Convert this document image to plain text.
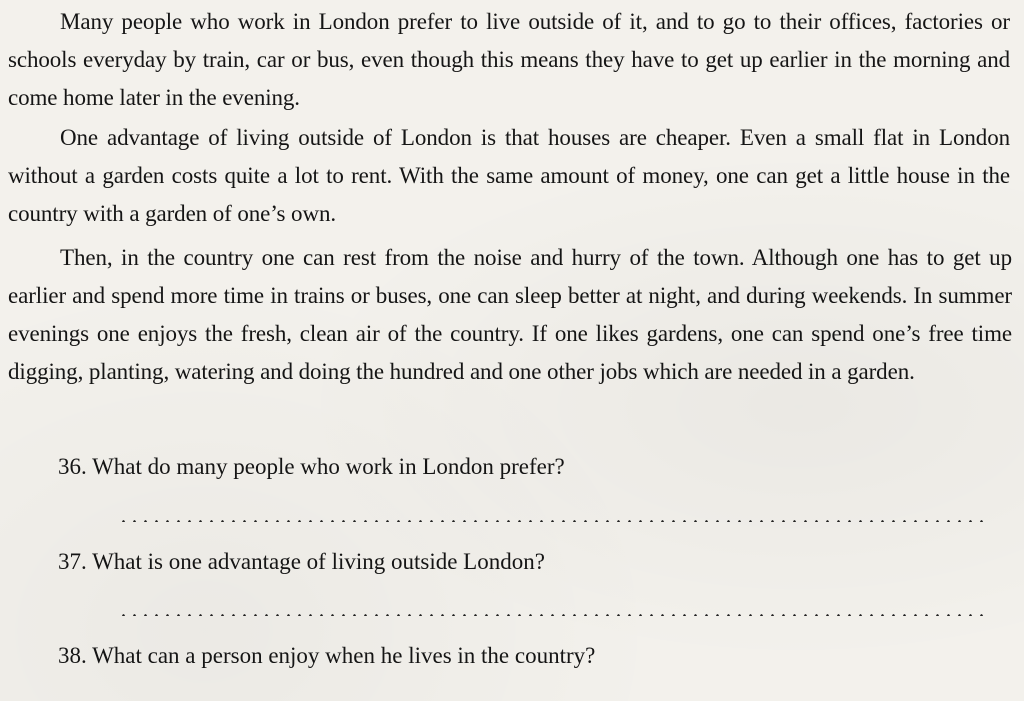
Many people who work in London prefer to live outside of it, and to go to their offices, factories or schools everyday by train, car or bus, even though this means they have to get up earlier in the morning and come home later in the evening.

One advantage of living outside of London is that houses are cheaper. Even a small flat in London without a garden costs quite a lot to rent. With the same amount of money, one can get a little house in the country with a garden of one’s own.

Then, in the country one can rest from the noise and hurry of the town. Although one has to get up earlier and spend more time in trains or buses, one can sleep better at night, and during weekends. In summer evenings one enjoys the fresh, clean air of the country. If one likes gardens, one can spend one’s free time digging, planting, watering and doing the hundred and one other jobs which are needed in a garden.

36. What do many people who work in London prefer?

37. What is one advantage of living outside London?

38. What can a person enjoy when he lives in the country?
